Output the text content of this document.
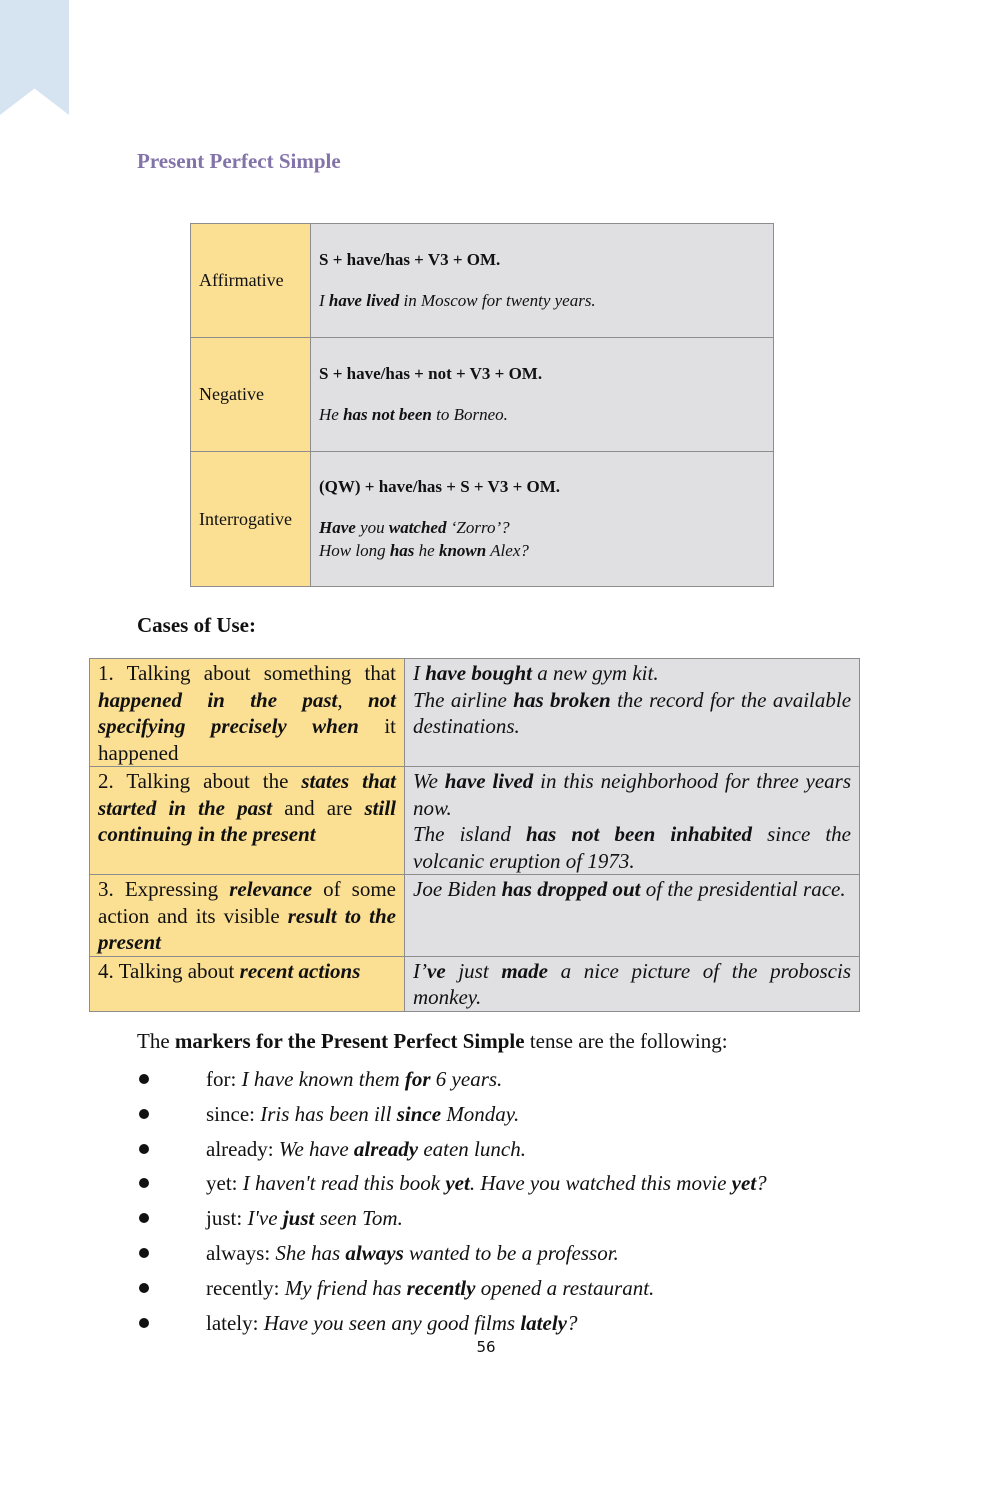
Present Perfect Simple
Affirmative	S + have/has + V3 + OM.
I have lived in Moscow for twenty years.

Negative	S + have/has + not + V3 + OM.
He has not been to Borneo.

Interrogative	(QW) + have/has + S + V3 + OM.
Have you watched ‘Zorro’?
How long has he known Alex?
Cases of Use:
1. Talking about something that happened in the past, not specifying precisely when it happened	I have bought a new gym kit.
The airline has broken the record for the available destinations.

2. Talking about the states that started in the past and are still continuing in the present	We have lived in this neighborhood for three years now.
The island has not been inhabited since the volcanic eruption of 1973.

3. Expressing relevance of some action and its visible result to the present	Joe Biden has dropped out of the presidential race.

4. Talking about recent actions	I’ve just made a nice picture of the proboscis monkey.
The markers for the Present Perfect Simple tense are the following:
for: I have known them for 6 years.
since: Iris has been ill since Monday.
already: We have already eaten lunch.
yet: I haven't read this book yet. Have you watched this movie yet?
just: I've just seen Tom.
always: She has always wanted to be a professor.
recently: My friend has recently opened a restaurant.
lately: Have you seen any good films lately?
56
